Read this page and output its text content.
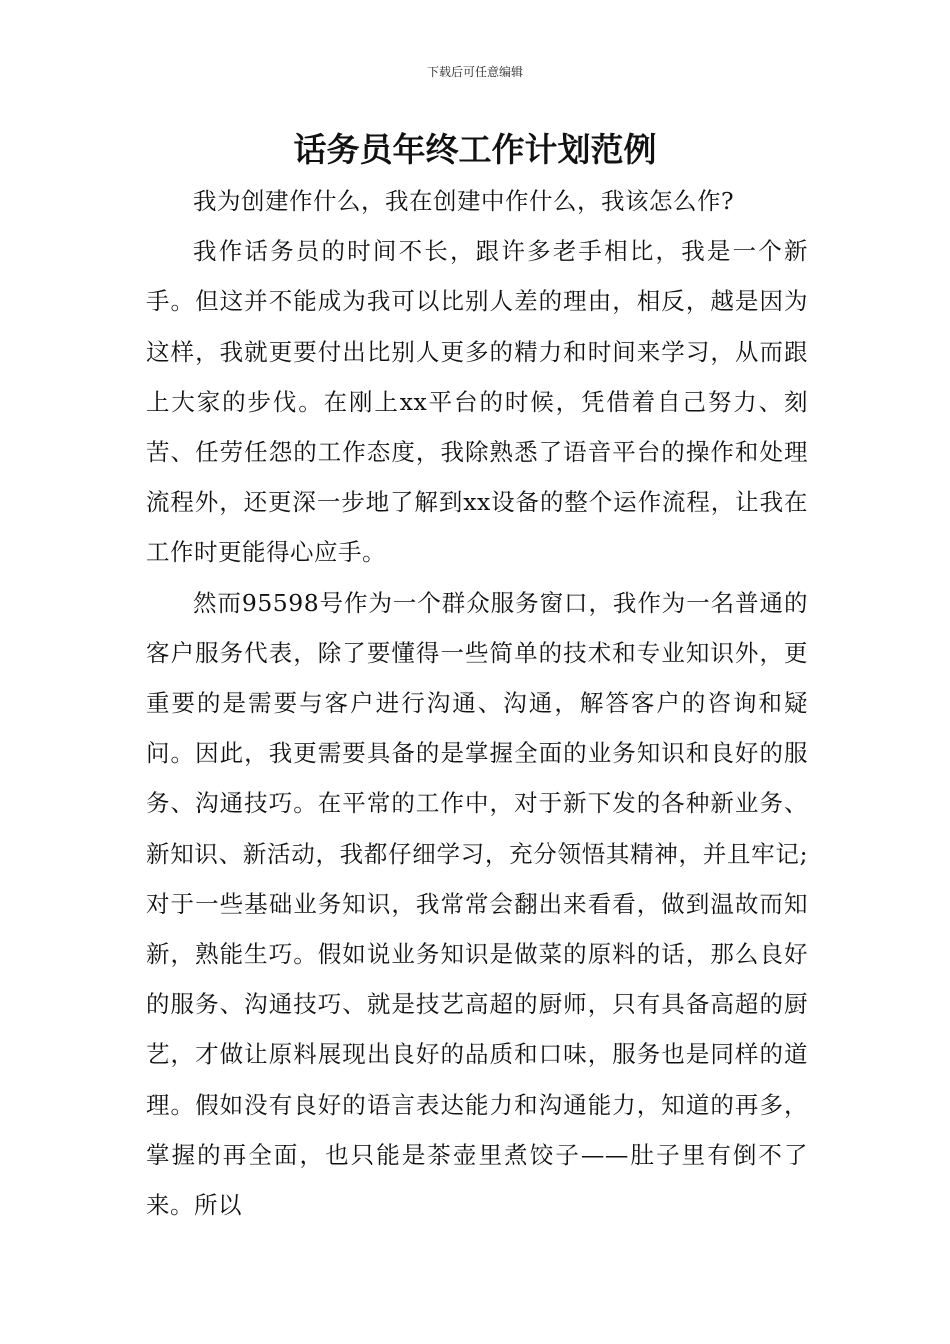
下载后可任意编辑
话务员年终工作计划范例

我为创建作什么，我在创建中作什么，我该怎么作?

我作话务员的时间不长，跟许多老手相比，我是一个新手。但这并不能成为我可以比别人差的理由，相反，越是因为这样，我就更要付出比别人更多的精力和时间来学习，从而跟上大家的步伐。在刚上xx平台的时候，凭借着自己努力、刻苦、任劳任怨的工作态度，我除熟悉了语音平台的操作和处理流程外，还更深一步地了解到xx设备的整个运作流程，让我在工作时更能得心应手。

然而95598号作为一个群众服务窗口，我作为一名普通的客户服务代表，除了要懂得一些简单的技术和专业知识外，更重要的是需要与客户进行沟通、沟通，解答客户的咨询和疑问。因此，我更需要具备的是掌握全面的业务知识和良好的服务、沟通技巧。在平常的工作中，对于新下发的各种新业务、新知识、新活动，我都仔细学习，充分领悟其精神，并且牢记;对于一些基础业务知识，我常常会翻出来看看，做到温故而知新，熟能生巧。假如说业务知识是做菜的原料的话，那么良好的服务、沟通技巧、就是技艺高超的厨师，只有具备高超的厨艺，才做让原料展现出良好的品质和口味，服务也是同样的道理。假如没有良好的语言表达能力和沟通能力，知道的再多，掌握的再全面，也只能是茶壶里煮饺子——肚子里有倒不了来。所以
